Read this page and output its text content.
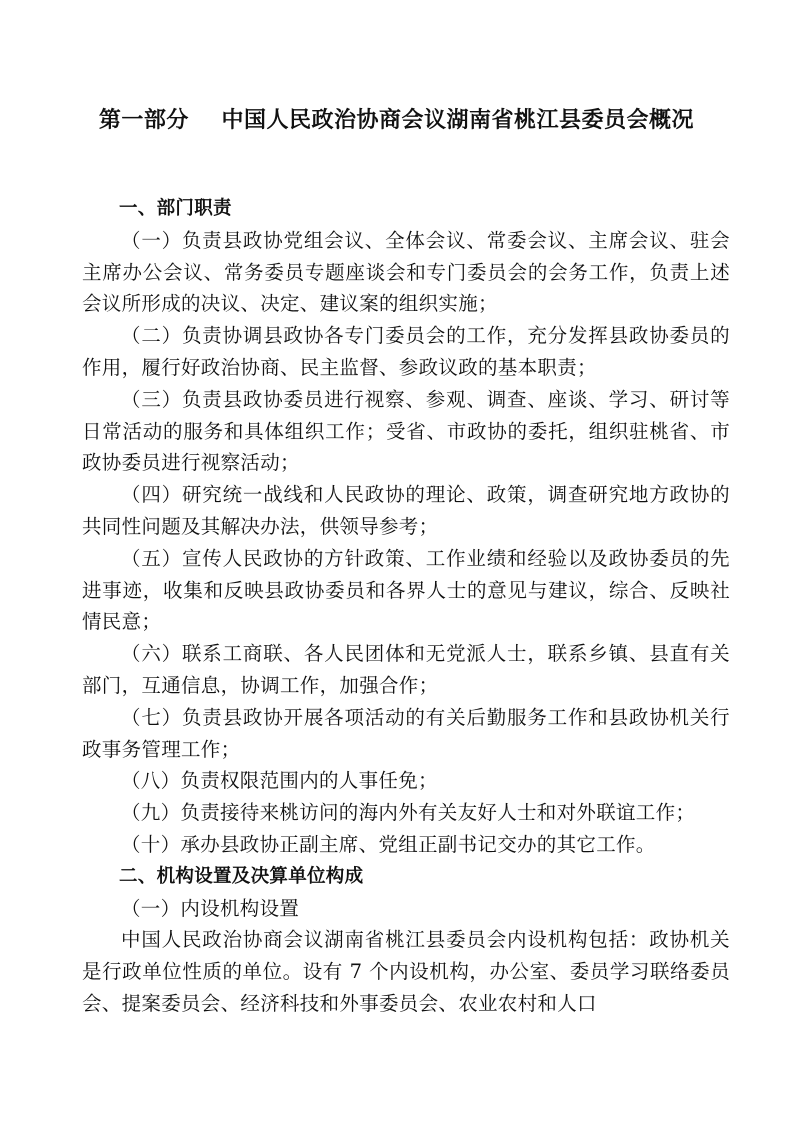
第一部分    中国人民政治协商会议湖南省桃江县委员会概况

一、部门职责

（一）负责县政协党组会议、全体会议、常委会议、主席会议、驻会主席办公会议、常务委员专题座谈会和专门委员会的会务工作，负责上述会议所形成的决议、决定、建议案的组织实施；

（二）负责协调县政协各专门委员会的工作，充分发挥县政协委员的作用，履行好政治协商、民主监督、参政议政的基本职责；

（三）负责县政协委员进行视察、参观、调查、座谈、学习、研讨等日常活动的服务和具体组织工作；受省、市政协的委托，组织驻桃省、市政协委员进行视察活动；

（四）研究统一战线和人民政协的理论、政策，调查研究地方政协的共同性问题及其解决办法，供领导参考；

（五）宣传人民政协的方针政策、工作业绩和经验以及政协委员的先进事迹，收集和反映县政协委员和各界人士的意见与建议，综合、反映社情民意；

（六）联系工商联、各人民团体和无党派人士，联系乡镇、县直有关部门，互通信息，协调工作，加强合作；

（七）负责县政协开展各项活动的有关后勤服务工作和县政协机关行政事务管理工作；

（八）负责权限范围内的人事任免；

（九）负责接待来桃访问的海内外有关友好人士和对外联谊工作；

（十）承办县政协正副主席、党组正副书记交办的其它工作。

二、机构设置及决算单位构成

（一）内设机构设置

中国人民政治协商会议湖南省桃江县委员会内设机构包括：政协机关是行政单位性质的单位。设有 7 个内设机构，办公室、委员学习联络委员会、提案委员会、经济科技和外事委员会、农业农村和人口
